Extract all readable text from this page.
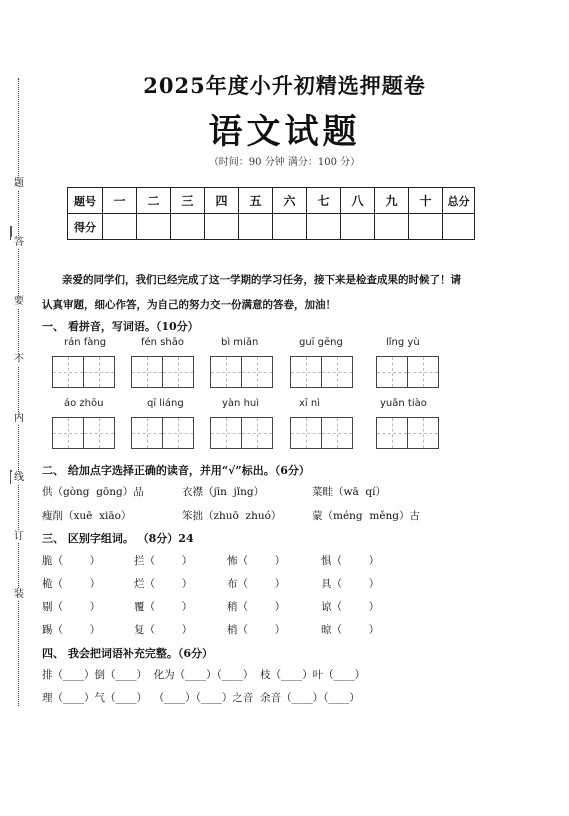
题
答
要
不
内
线
订
装
2025年度小升初精选押题卷
语文试题
（时间：90 分钟 满分：100 分）
题号	一	二	三	四	五	六	七	八	九	十	总分
得分											
亲爱的同学们，我们已经完成了这一学期的学习任务，接下来是检查成果的时候了！请
认真审题，细心作答，为自己的努力交一份满意的答卷，加油！
一、 看拼音，写词语。（10分）
rán fàng	fén shāo	bì miǎn	guī gēng	lǐng yù
áo zhōu	qī liáng	yàn huì	xī nì	yuǎn tiào
二、 给加点字选择正确的读音，并用“√”标出。（6分）
供（gòng  gōng）品	衣襟（jīn  jǐng）	菜畦（wā  qí）
瘦削（xuē  xiāo）	笨拙（zhuō  zhuó）	蒙（méng  měng）古
三、 区别字组词。 （8分）24
脆（        ）	拦（        ）	怖（        ）	惧（        ）
桅（        ）	烂（        ）	布（        ）	具（        ）
剔（        ）	覆（        ）	稍（        ）	谅（        ）
踢（        ）	复（        ）	梢（        ）	晾（        ）
四、 我会把词语补充完整。（6分）
排（____）倒（____）  化为（____）（____）  枝（____）叶（____）
理（____）气（____）  （____）（____）之音  余音（____）（____）
